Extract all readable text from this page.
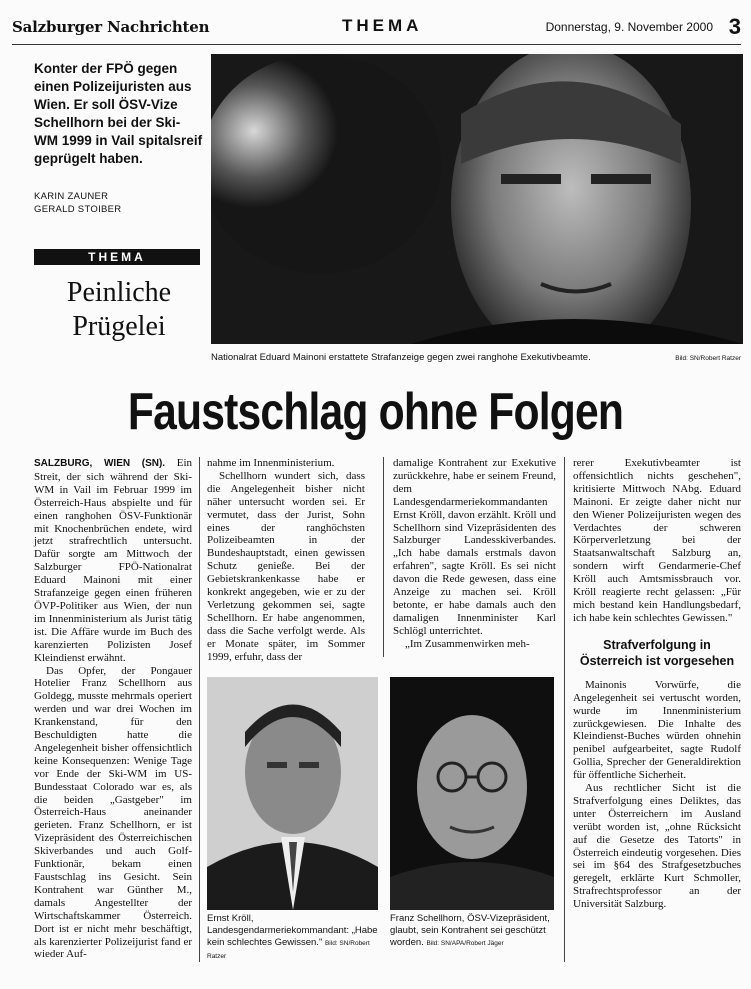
Salzburger Nachrichten	THEMA	Donnerstag, 9. November 2000 3
Konter der FPÖ gegen einen Polizeijuristen aus Wien. Er soll ÖSV-Vize Schellhorn bei der Ski-WM 1999 in Vail spitalsreif geprügelt haben.
KARIN ZAUNER
GERALD STOIBER
THEMA
Peinliche
Prügelei
Nationalrat Eduard Mainoni erstattete Strafanzeige gegen zwei ranghohe Exekutivbeamte.	Bild: SN/Robert Ratzer
Faustschlag ohne Folgen

SALZBURG, WIEN (SN). Ein Streit, der sich während der Ski-WM in Vail im Februar 1999 im Österreich-Haus abspielte und für einen ranghohen ÖSV-Funktionär mit Knochenbrüchen endete, wird jetzt strafrechtlich untersucht. Dafür sorgte am Mittwoch der Salzburger FPÖ-Nationalrat Eduard Mainoni mit einer Strafanzeige gegen einen früheren ÖVP-Politiker aus Wien, der nun im Innenministerium als Jurist tätig ist. Die Affäre wurde im Buch des karenzierten Polizisten Josef Kleindienst erwähnt.

Das Opfer, der Pongauer Hotelier Franz Schellhorn aus Goldegg, musste mehrmals operiert werden und war drei Wochen im Krankenstand, für den Beschuldigten hatte die Angelegenheit bisher offensichtlich keine Konsequenzen: Wenige Tage vor Ende der Ski-WM im US-Bundesstaat Colorado war es, als die beiden „Gastgeber" im Österreich-Haus aneinander gerieten. Franz Schellhorn, er ist Vizepräsident des Österreichischen Skiverbandes und auch Golf-Funktionär, bekam einen Faustschlag ins Gesicht. Sein Kontrahent war Günther M., damals Angestellter der Wirtschaftskammer Österreich. Dort ist er nicht mehr beschäftigt, als karenzierter Polizeijurist fand er wieder Auf-

nahme im Innenministerium.

Schellhorn wundert sich, dass die Angelegenheit bisher nicht näher untersucht worden sei. Er vermutet, dass der Jurist, Sohn eines der ranghöchsten Polizeibeamten in der Bundeshauptstadt, einen gewissen Schutz genieße. Bei der Gebietskrankenkasse habe er konkrekt angegeben, wie er zu der Verletzung gekommen sei, sagte Schellhorn. Er habe angenommen, dass die Sache verfolgt werde. Als er Monate später, im Sommer 1999, erfuhr, dass der

damalige Kontrahent zur Exekutive zurückkehre, habe er seinem Freund, dem Landesgendarmeriekommandanten Ernst Kröll, davon erzählt. Kröll und Schellhorn sind Vizepräsidenten des Salzburger Landesskiverbandes. „Ich habe damals erstmals davon erfahren", sagte Kröll. Es sei nicht davon die Rede gewesen, dass eine Anzeige zu machen sei. Kröll betonte, er habe damals auch den damaligen Innenminister Karl Schlögl unterrichtet.

„Im Zusammenwirken meh-

rerer Exekutivbeamter ist offensichtlich nichts geschehen", kritisierte Mittwoch NAbg. Eduard Mainoni. Er zeigte daher nicht nur den Wiener Polizeijuristen wegen des Verdachtes der schweren Körperverletzung bei der Staatsanwaltschaft Salzburg an, sondern wirft Gendarmerie-Chef Kröll auch Amtsmissbrauch vor. Kröll reagierte recht gelassen: „Für mich bestand kein Handlungsbedarf, ich habe kein schlechtes Gewissen."

Strafverfolgung in Österreich ist vorgesehen

Mainonis Vorwürfe, die Angelegenheit sei vertuscht worden, wurde im Innenministerium zurückgewiesen. Die Inhalte des Kleindienst-Buches würden ohnehin penibel aufgearbeitet, sagte Rudolf Gollia, Sprecher der Generaldirektion für öffentliche Sicherheit.

Aus rechtlicher Sicht ist die Strafverfolgung eines Deliktes, das unter Österreichern im Ausland verübt worden ist, „ohne Rücksicht auf die Gesetze des Tatorts" in Österreich eindeutig vorgesehen. Dies sei im §64 des Strafgesetzbuches geregelt, erklärte Kurt Schmoller, Strafrechtsprofessor an der Universität Salzburg.

Ernst Kröll, Landesgendarmeriekommandant: „Habe kein schlechtes Gewissen." Bild: SN/Robert Ratzer
Franz Schellhorn, ÖSV-Vizepräsident, glaubt, sein Kontrahent sei geschützt worden. Bild: SN/APA/Robert Jäger
